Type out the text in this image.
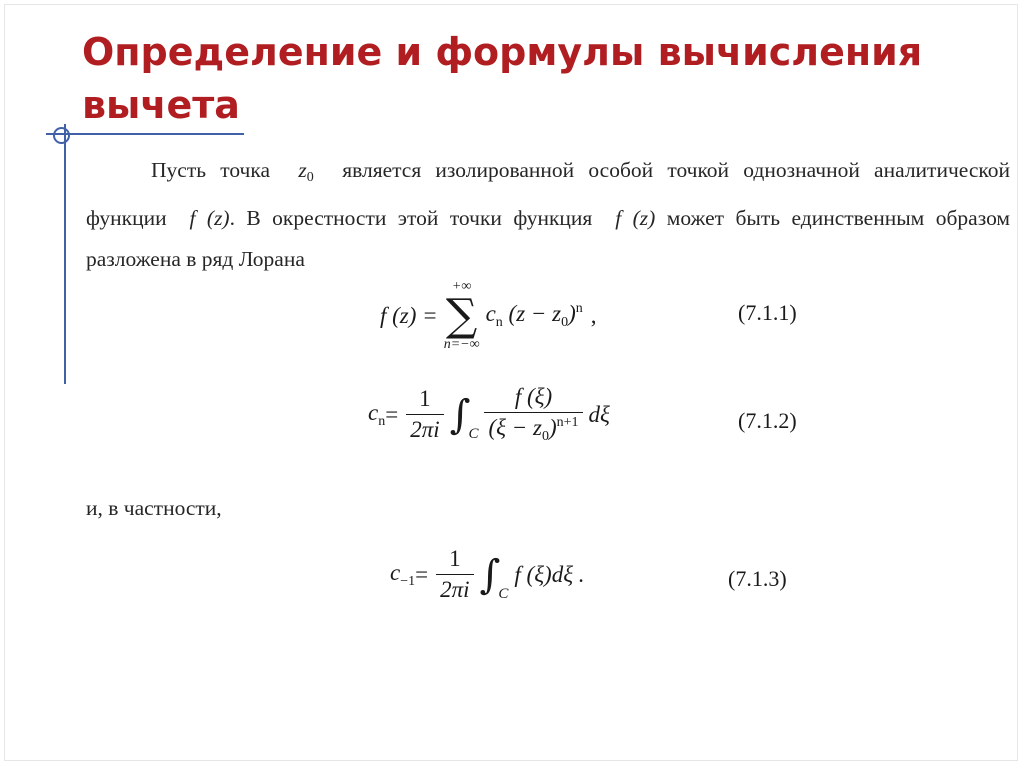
Определение и формулы вычисления вычета

Пусть точка $z_0$ является изолированной особой точкой однозначной аналитической функции f (z). В окрестности этой точки функция f (z) может быть единственным образом разложена в ряд Лорана

f (z) =
+∞
∑
n=−∞
$c_n$ $(z - z_0)^n$ ,	(7.1.1)
$c_n = \frac{1}{2\pi i}$ ∫
C $\frac{f (\xi)}{(\xi - z_0)^{n+1}}$ dξ	(7.1.2)
и, в частности,
$c_{-1} = \frac{1}{2\pi i}$ ∫
C
f (ξ)dξ .	(7.1.3)
